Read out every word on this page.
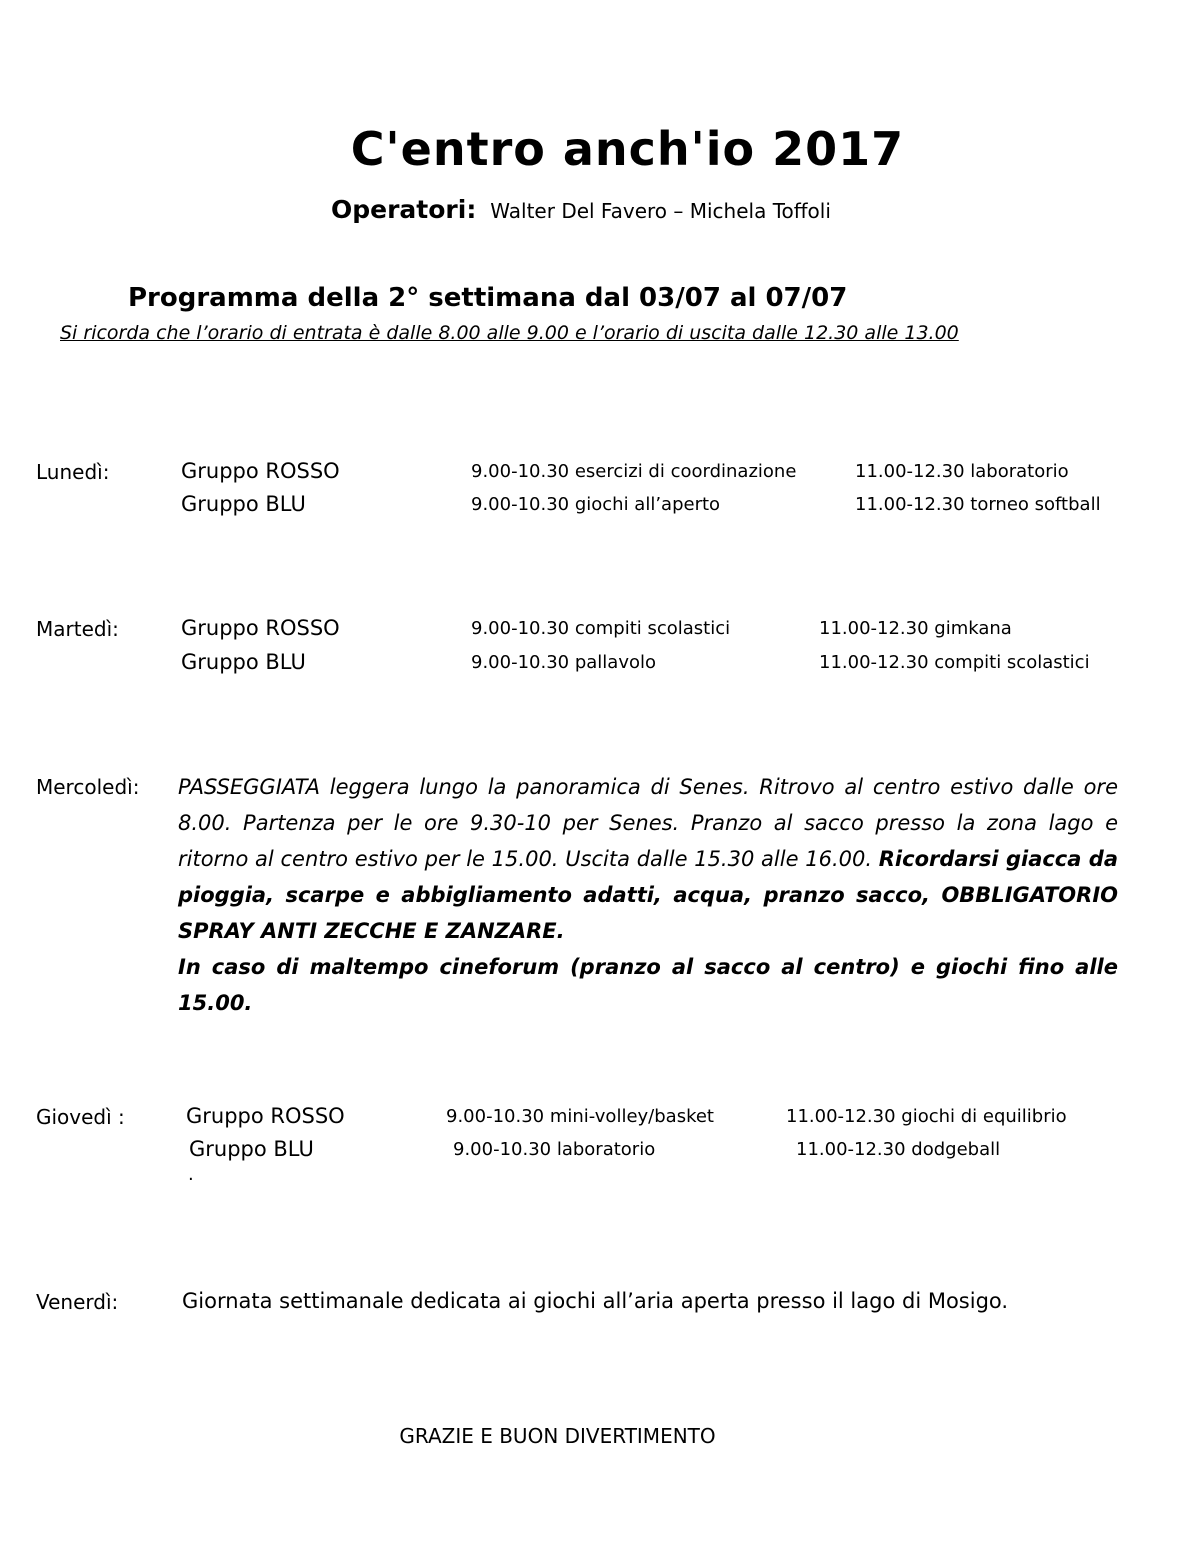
C'entro anch'io 2017
Operatori: Walter Del Favero – Michela Toffoli
Programma della 2° settimana dal 03/07 al 07/07
Si ricorda che l’orario di entrata è dalle 8.00 alle 9.00 e l’orario di uscita dalle 12.30 alle 13.00
Lunedì:	Gruppo ROSSO	9.00-10.30 esercizi di coordinazione	11.00-12.30 laboratorio
Gruppo BLU	9.00-10.30 giochi all’aperto	11.00-12.30 torneo softball
Martedì:	Gruppo ROSSO	9.00-10.30 compiti scolastici	11.00-12.30 gimkana
Gruppo BLU	9.00-10.30 pallavolo	11.00-12.30 compiti scolastici
Mercoledì: PASSEGGIATA leggera lungo la panoramica di Senes. Ritrovo al centro estivo dalle ore 8.00. Partenza per le ore 9.30-10 per Senes. Pranzo al sacco presso la zona lago e ritorno al centro estivo per le 15.00. Uscita dalle 15.30 alle 16.00. Ricordarsi giacca da pioggia, scarpe e abbigliamento adatti, acqua, pranzo sacco, OBBLIGATORIO SPRAY ANTI ZECCHE E ZANZARE.
In caso di maltempo cineforum (pranzo al sacco al centro) e giochi fino alle 15.00.
Giovedì :	Gruppo ROSSO	9.00-10.30 mini-volley/basket	11.00-12.30 giochi di equilibrio
Gruppo BLU	9.00-10.30 laboratorio	11.00-12.30 dodgeball
.
Venerdì:	Giornata settimanale dedicata ai giochi all’aria aperta presso il lago di Mosigo.
GRAZIE E BUON DIVERTIMENTO
